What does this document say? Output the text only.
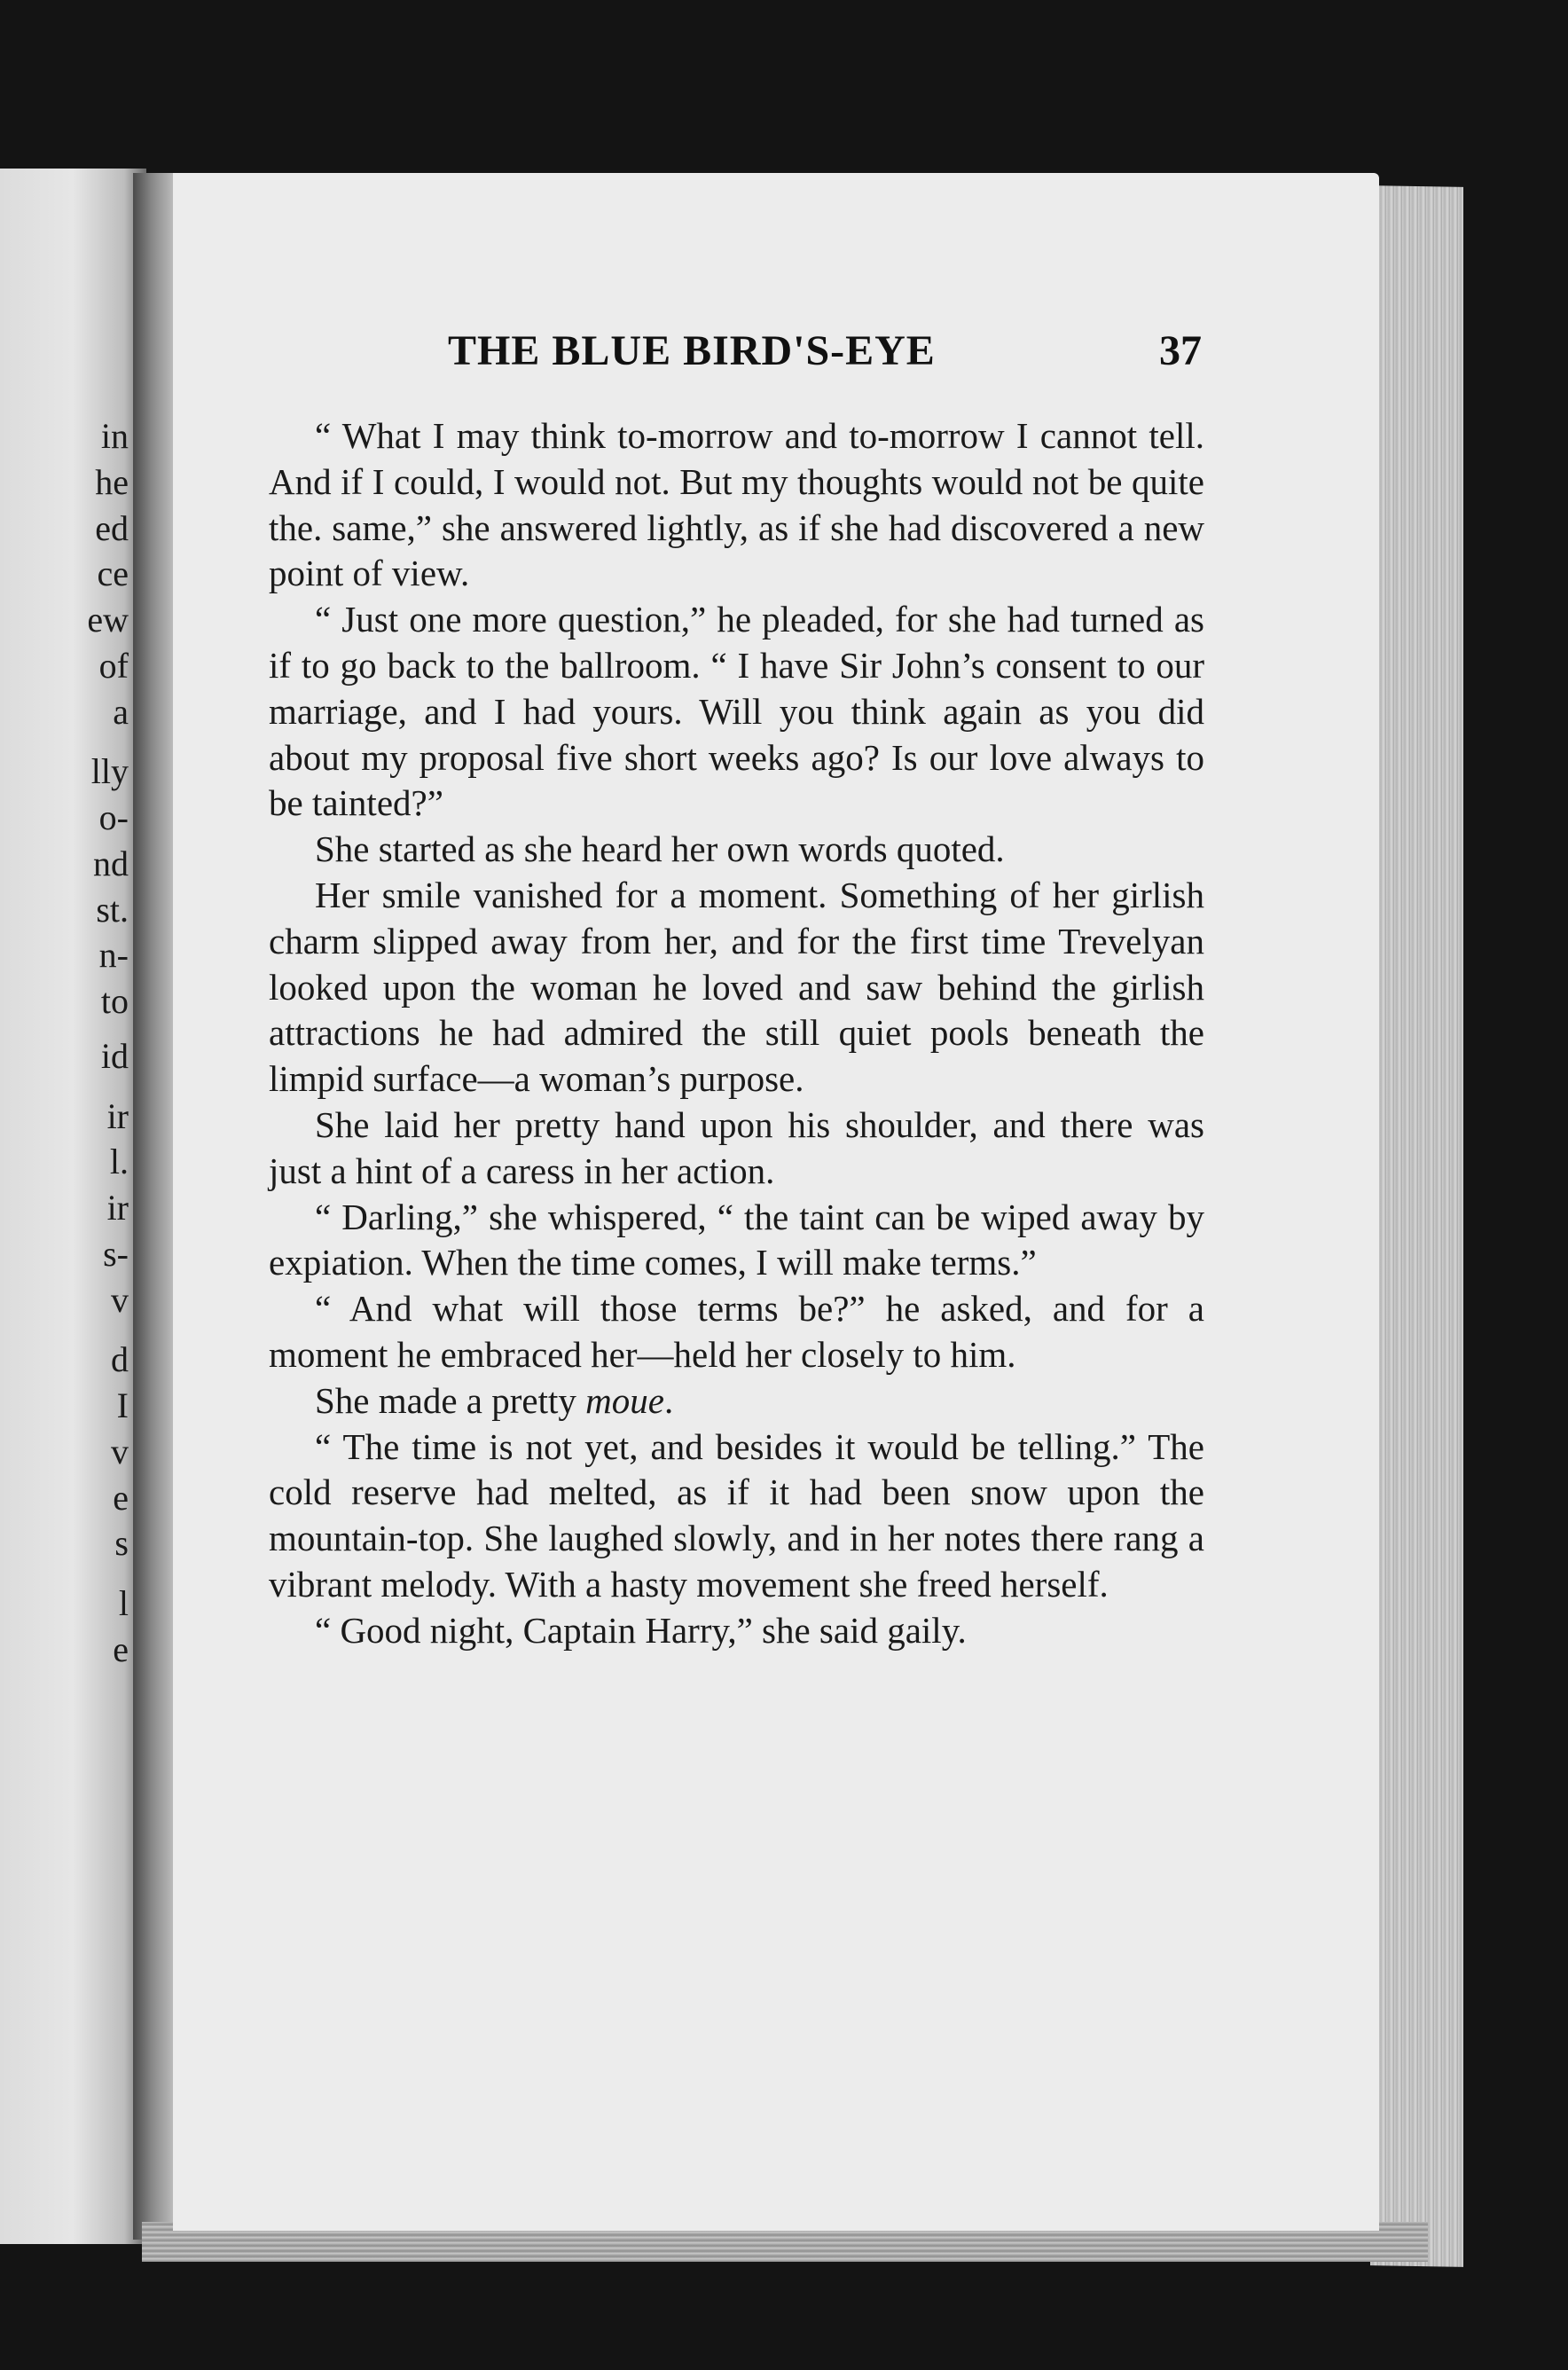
in

he

ed

ce

ew

of

a

lly

o-

nd

st.

n-

to

id

ir

l.

ir

s-

v

d

I

v

e

s

l

e

THE BLUE BIRD'S-EYE	37

“ What I may think to-morrow and to-morrow I cannot tell. And if I could, I would not. But my thoughts would not be quite the. same,” she answered lightly, as if she had discovered a new point of view.

“ Just one more question,” he pleaded, for she had turned as if to go back to the ballroom. “ I have Sir John’s consent to our marriage, and I had yours. Will you think again as you did about my proposal five short weeks ago? Is our love always to be tainted?”

She started as she heard her own words quoted.

Her smile vanished for a moment. Something of her girlish charm slipped away from her, and for the first time Trevelyan looked upon the woman he loved and saw behind the girlish attractions he had admired the still quiet pools beneath the limpid surface—a woman’s purpose.

She laid her pretty hand upon his shoulder, and there was just a hint of a caress in her action.

“ Darling,” she whispered, “ the taint can be wiped away by expiation. When the time comes, I will make terms.”

“ And what will those terms be?” he asked, and for a moment he embraced her—held her closely to him.

She made a pretty moue.

“ The time is not yet, and besides it would be telling.” The cold reserve had melted, as if it had been snow upon the mountain-top. She laughed slowly, and in her notes there rang a vibrant melody. With a hasty movement she freed herself.

“ Good night, Captain Harry,” she said gaily.
